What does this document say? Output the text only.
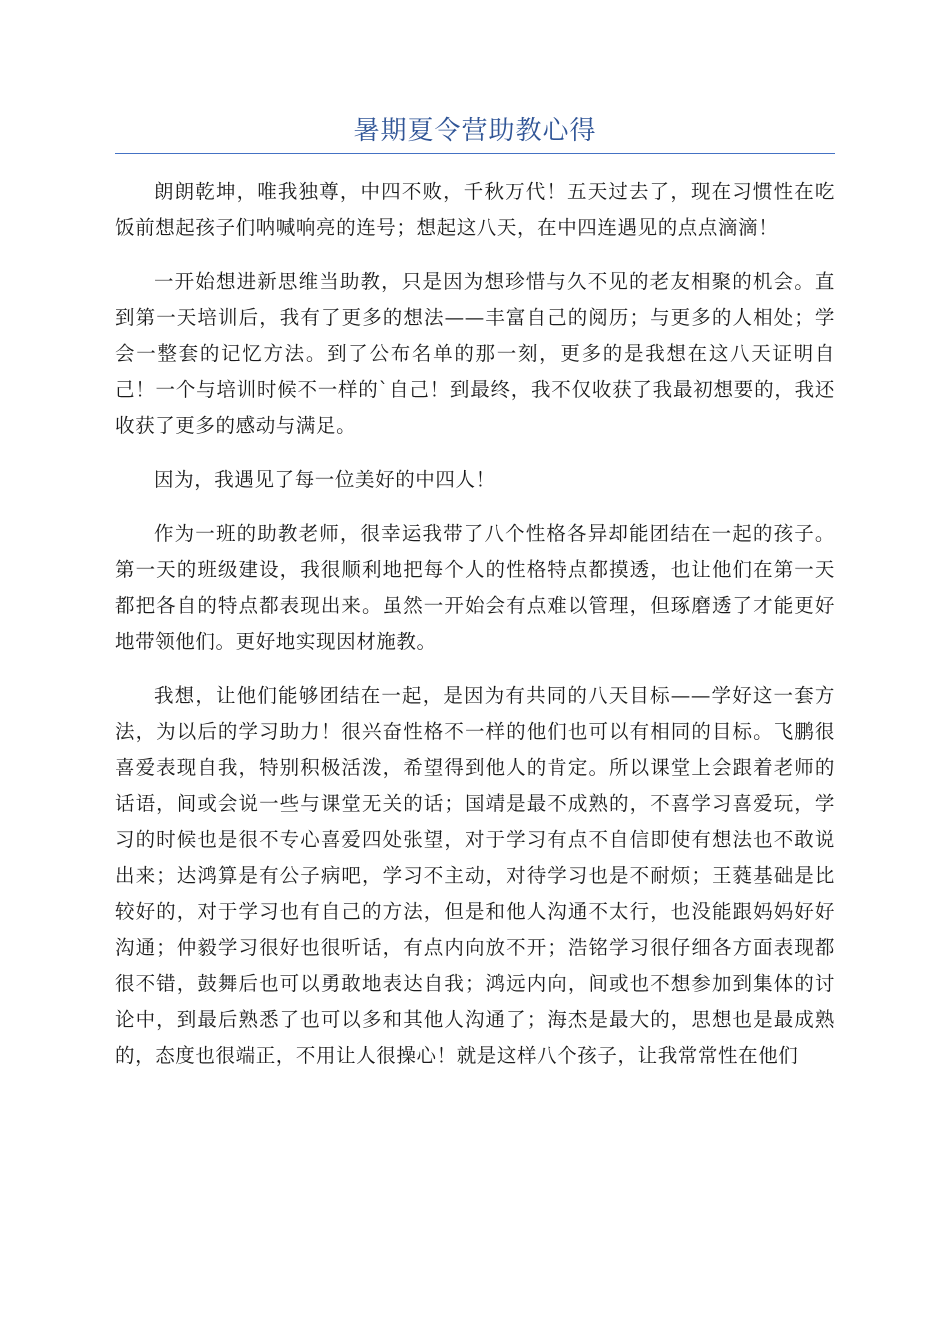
暑期夏令营助教心得

朗朗乾坤，唯我独尊，中四不败，千秋万代！五天过去了，现在习惯性在吃饭前想起孩子们呐喊响亮的连号；想起这八天，在中四连遇见的点点滴滴！

一开始想进新思维当助教，只是因为想珍惜与久不见的老友相聚的机会。直到第一天培训后，我有了更多的想法——丰富自己的阅历；与更多的人相处；学会一整套的记忆方法。到了公布名单的那一刻，更多的是我想在这八天证明自己！一个与培训时候不一样的`自己！到最终，我不仅收获了我最初想要的，我还收获了更多的感动与满足。

因为，我遇见了每一位美好的中四人！

作为一班的助教老师，很幸运我带了八个性格各异却能团结在一起的孩子。第一天的班级建设，我很顺利地把每个人的性格特点都摸透，也让他们在第一天都把各自的特点都表现出来。虽然一开始会有点难以管理，但琢磨透了才能更好地带领他们。更好地实现因材施教。

我想，让他们能够团结在一起，是因为有共同的八天目标——学好这一套方法，为以后的学习助力！很兴奋性格不一样的他们也可以有相同的目标。飞鹏很喜爱表现自我，特别积极活泼，希望得到他人的肯定。所以课堂上会跟着老师的话语，间或会说一些与课堂无关的话；国靖是最不成熟的，不喜学习喜爱玩，学习的时候也是很不专心喜爱四处张望，对于学习有点不自信即使有想法也不敢说出来；达鸿算是有公子病吧，学习不主动，对待学习也是不耐烦；王蕤基础是比较好的，对于学习也有自己的方法，但是和他人沟通不太行，也没能跟妈妈好好沟通；仲毅学习很好也很听话，有点内向放不开；浩铭学习很仔细各方面表现都很不错，鼓舞后也可以勇敢地表达自我；鸿远内向，间或也不想参加到集体的讨论中，到最后熟悉了也可以多和其他人沟通了；海杰是最大的，思想也是最成熟的，态度也很端正，不用让人很操心！就是这样八个孩子，让我常常性在他们
